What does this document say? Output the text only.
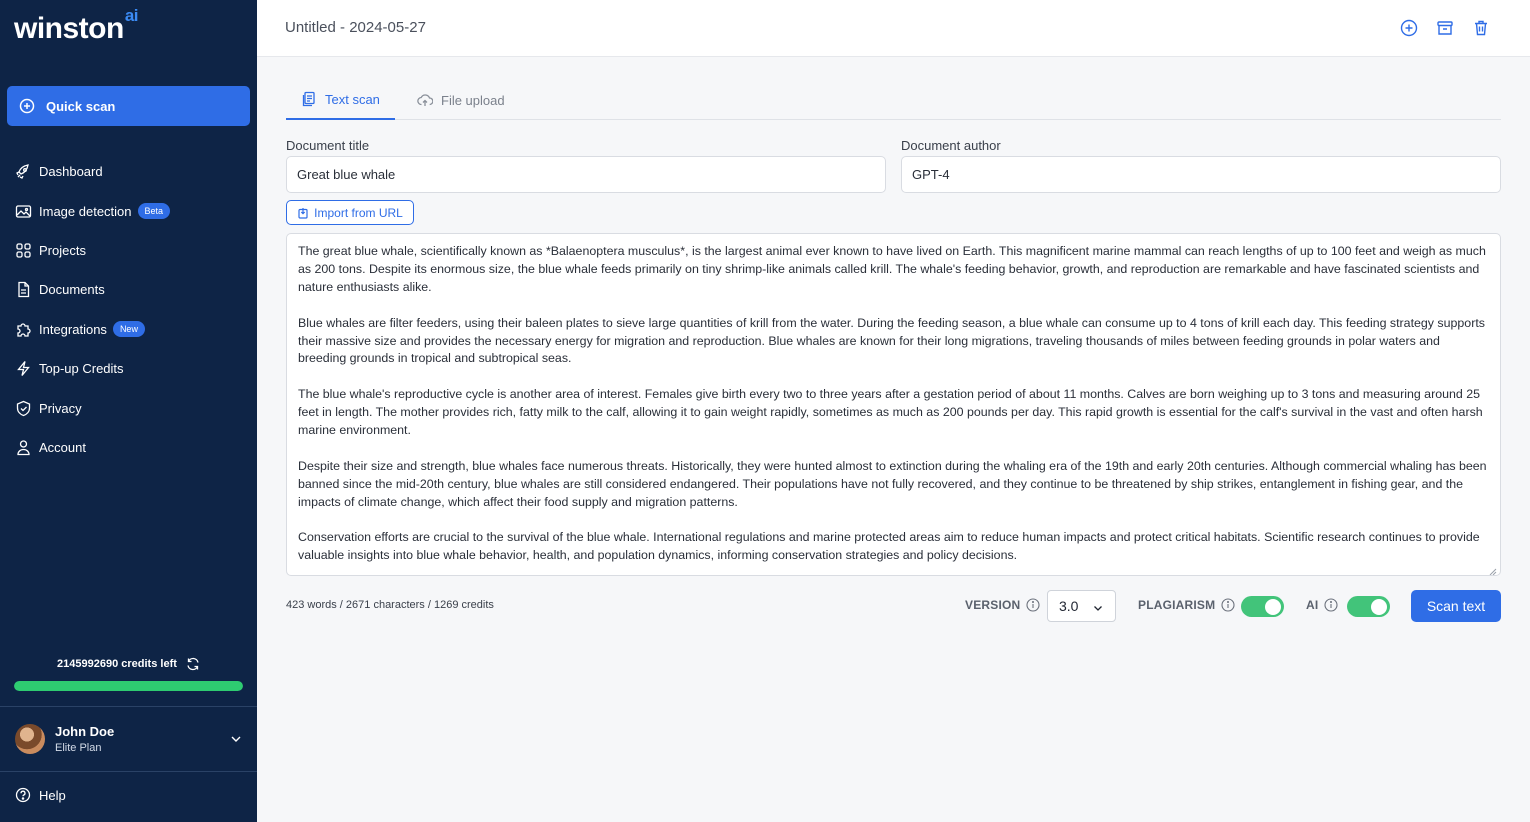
winston$^{ai}$
Quick scan
Dashboard
Image detection	Beta
Projects
Documents
Integrations	New
Top-up Credits
Privacy
Account
2145992690 credits left
John Doe
Elite Plan
Help
Untitled - 2024-05-27
Text scan	File upload
Document title
Great blue whale
Document author
GPT-4
Import from URL

The great blue whale, scientifically known as *Balaenoptera musculus*, is the largest animal ever known to have lived on Earth. This magnificent marine mammal can reach lengths of up to 100 feet and weigh as much as 200 tons. Despite its enormous size, the blue whale feeds primarily on tiny shrimp-like animals called krill. The whale's feeding behavior, growth, and reproduction are remarkable and have fascinated scientists and nature enthusiasts alike.

Blue whales are filter feeders, using their baleen plates to sieve large quantities of krill from the water. During the feeding season, a blue whale can consume up to 4 tons of krill each day. This feeding strategy supports their massive size and provides the necessary energy for migration and reproduction. Blue whales are known for their long migrations, traveling thousands of miles between feeding grounds in polar waters and breeding grounds in tropical and subtropical seas.

The blue whale's reproductive cycle is another area of interest. Females give birth every two to three years after a gestation period of about 11 months. Calves are born weighing up to 3 tons and measuring around 25 feet in length. The mother provides rich, fatty milk to the calf, allowing it to gain weight rapidly, sometimes as much as 200 pounds per day. This rapid growth is essential for the calf's survival in the vast and often harsh marine environment.

Despite their size and strength, blue whales face numerous threats. Historically, they were hunted almost to extinction during the whaling era of the 19th and early 20th centuries. Although commercial whaling has been banned since the mid-20th century, blue whales are still considered endangered. Their populations have not fully recovered, and they continue to be threatened by ship strikes, entanglement in fishing gear, and the impacts of climate change, which affect their food supply and migration patterns.

Conservation efforts are crucial to the survival of the blue whale. International regulations and marine protected areas aim to reduce human impacts and protect critical habitats. Scientific research continues to provide valuable insights into blue whale behavior, health, and population dynamics, informing conservation strategies and policy decisions.

423 words / 2671 characters / 1269 credits	VERSION	3.0	PLAGIARISM	AI	Scan text
